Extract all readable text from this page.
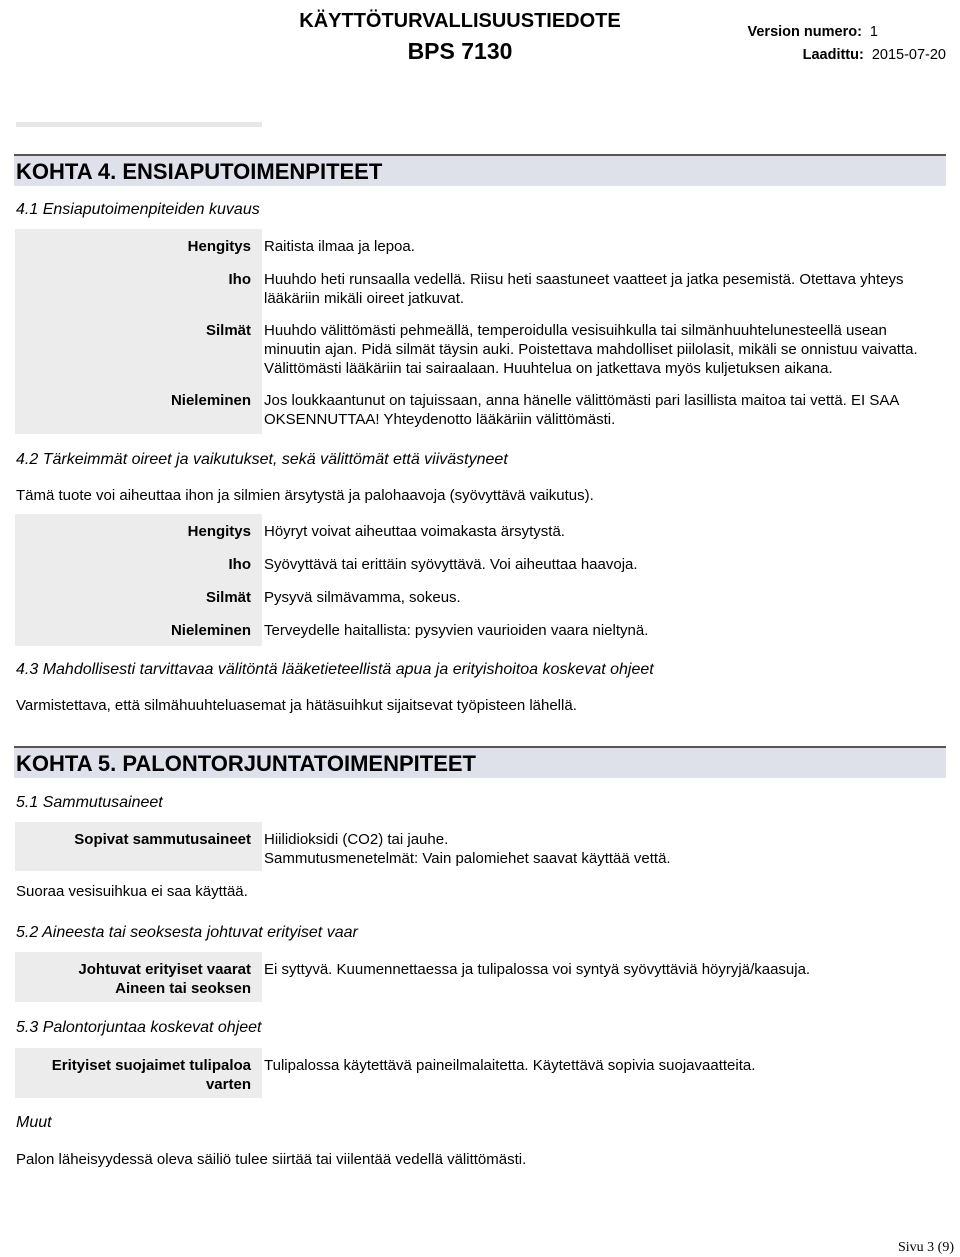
KÄYTTÖTURVALLISUUSTIEDOTE
BPS 7130
Version numero: 1
Laadittu: 2015-07-20
KOHTA 4. ENSIAPUTOIMENPITEET
4.1 Ensiaputoimenpiteiden kuvaus
Hengitys
Iho
Silmät
Nieleminen
Raitista ilmaa ja lepoa.
Huuhdo heti runsaalla vedellä. Riisu heti saastuneet vaatteet ja jatka pesemistä. Otettava yhteys
lääkäriin mikäli oireet jatkuvat.
Huuhdo välittömästi pehmeällä, temperoidulla vesisuihkulla tai silmänhuuhtelunesteellä usean
minuutin ajan. Pidä silmät täysin auki. Poistettava mahdolliset piilolasit, mikäli se onnistuu vaivatta.
Välittömästi lääkäriin tai sairaalaan. Huuhtelua on jatkettava myös kuljetuksen aikana.
Jos loukkaantunut on tajuissaan, anna hänelle välittömästi pari lasillista maitoa tai vettä. EI SAA
OKSENNUTTAA! Yhteydenotto lääkäriin välittömästi.
4.2 Tärkeimmät oireet ja vaikutukset, sekä välittömät että viivästyneet
Tämä tuote voi aiheuttaa ihon ja silmien ärsytystä ja palohaavoja (syövyttävä vaikutus).
Hengitys
Iho
Silmät
Nieleminen
Höyryt voivat aiheuttaa voimakasta ärsytystä.
Syövyttävä tai erittäin syövyttävä. Voi aiheuttaa haavoja.
Pysyvä silmävamma, sokeus.
Terveydelle haitallista: pysyvien vaurioiden vaara nieltynä.
4.3 Mahdollisesti tarvittavaa välitöntä lääketieteellistä apua ja erityishoitoa koskevat ohjeet
Varmistettava, että silmähuuhteluasemat ja hätäsuihkut sijaitsevat työpisteen lähellä.
KOHTA 5. PALONTORJUNTATOIMENPITEET
5.1 Sammutusaineet
Sopivat sammutusaineet Hiilidioksidi (CO2) tai jauhe.
Sammutusmenetelmät: Vain palomiehet saavat käyttää vettä.
Suoraa vesisuihkua ei saa käyttää.
5.2 Aineesta tai seoksesta johtuvat erityiset vaar
Johtuvat erityiset vaarat
Aineen tai seoksen
Ei syttyvä. Kuumennettaessa ja tulipalossa voi syntyä syövyttäviä höyryjä/kaasuja.
5.3 Palontorjuntaa koskevat ohjeet
Erityiset suojaimet tulipaloa
varten
Tulipalossa käytettävä paineilmalaitetta. Käytettävä sopivia suojavaatteita.
Muut
Palon läheisyydessä oleva säiliö tulee siirtää tai viilentää vedellä välittömästi.
Sivu 3 (9)
